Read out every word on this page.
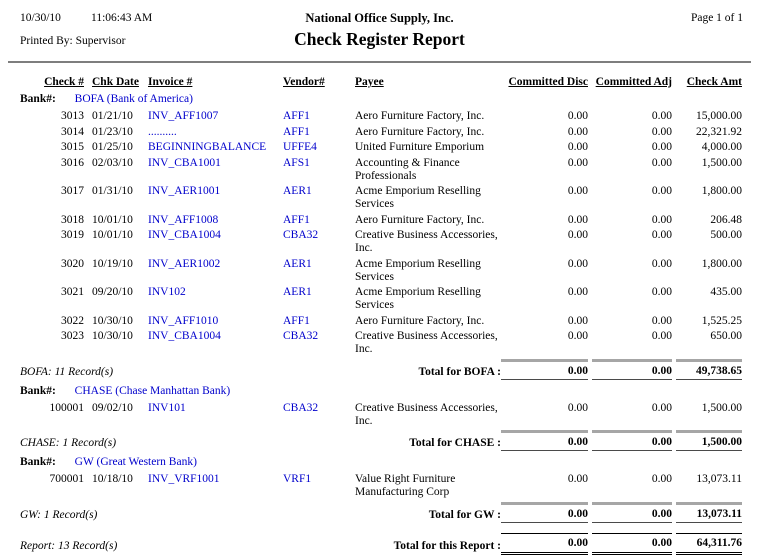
10/30/10	11:06:43 AM	National Office Supply, Inc.	Page 1 of 1
Printed By: Supervisor	Check Register Report
Check # Chk Date Invoice #	Vendor#	Payee	Committed Disc Committed Adj	Check Amt
Bank#: BOFA (Bank of America)
3013 01/21/10	INV_AFF1007	AFF1	Aero Furniture Factory, Inc.	0.00	0.00	15,000.00
3014 01/23/10	..........	AFF1	Aero Furniture Factory, Inc.	0.00	0.00	22,321.92
3015 01/25/10	BEGINNINGBALANCE	UFFE4	United Furniture Emporium	0.00	0.00	4,000.00
3016 02/03/10	INV_CBA1001	AFS1	Accounting & Finance Professionals
0.00	0.00	1,500.00
3017 01/31/10	INV_AER1001	AER1	Acme Emporium Reselling Services
0.00	0.00	1,800.00
3018 10/01/10	INV_AFF1008	AFF1	Aero Furniture Factory, Inc.	0.00	0.00	206.48
3019 10/01/10	INV_CBA1004	CBA32	Creative Business Accessories, Inc.
0.00	0.00	500.00
3020 10/19/10	INV_AER1002	AER1	Acme Emporium Reselling Services
0.00	0.00	1,800.00
3021 09/20/10	INV102	AER1	Acme Emporium Reselling Services
0.00	0.00	435.00
3022 10/30/10	INV_AFF1010	AFF1	Aero Furniture Factory, Inc.	0.00	0.00	1,525.25
3023 10/30/10	INV_CBA1004	CBA32	Creative Business Accessories, Inc.
0.00	0.00	650.00
BOFA: 11 Record(s)	Total for BOFA :	0.00	0.00	49,738.65
Bank#: CHASE (Chase Manhattan Bank)
100001 09/02/10	INV101	CBA32	Creative Business Accessories, Inc.
0.00	0.00	1,500.00
CHASE: 1 Record(s)	Total for CHASE :	0.00	0.00	1,500.00
Bank#: GW (Great Western Bank)
700001 10/18/10	INV_VRF1001	VRF1	Value Right Furniture Manufacturing Corp
0.00	0.00	13,073.11
GW: 1 Record(s)	Total for GW :	0.00	0.00	13,073.11
Report: 13 Record(s)	Total for this Report :	0.00	0.00	64,311.76
